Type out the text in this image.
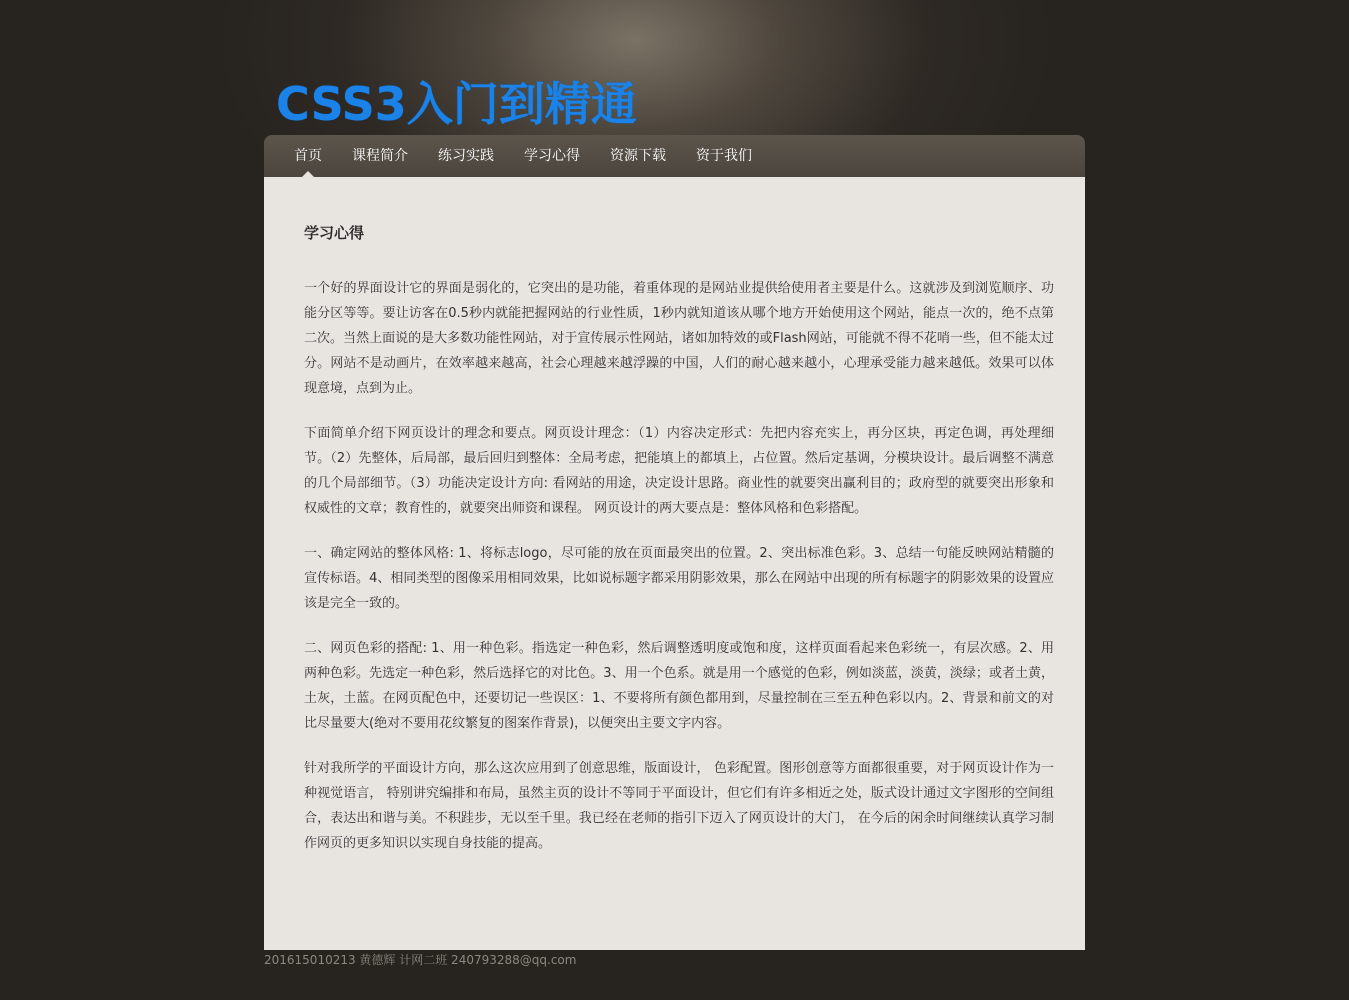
CSS3入门到精通
首页	课程简介	练习实践	学习心得	资源下载	资于我们
学习心得

一个好的界面设计它的界面是弱化的，它突出的是功能，着重体现的是网站业提供给使用者主要是什么。这就涉及到浏览顺序、功能分区等等。要让访客在0.5秒内就能把握网站的行业性质，1秒内就知道该从哪个地方开始使用这个网站，能点一次的，绝不点第二次。当然上面说的是大多数功能性网站，对于宣传展示性网站，诸如加特效的或Flash网站，可能就不得不花哨一些，但不能太过分。网站不是动画片，在效率越来越高，社会心理越来越浮躁的中国，人们的耐心越来越小，心理承受能力越来越低。效果可以体现意境，点到为止。

下面简单介绍下网页设计的理念和要点。网页设计理念：（1）内容决定形式：先把内容充实上，再分区块，再定色调，再处理细节。（2）先整体，后局部，最后回归到整体：全局考虑，把能填上的都填上，占位置。然后定基调，分模块设计。最后调整不满意的几个局部细节。（3）功能决定设计方向: 看网站的用途，决定设计思路。商业性的就要突出赢利目的；政府型的就要突出形象和权威性的文章；教育性的，就要突出师资和课程。 网页设计的两大要点是：整体风格和色彩搭配。

一、确定网站的整体风格: 1、将标志logo，尽可能的放在页面最突出的位置。2、突出标准色彩。3、总结一句能反映网站精髓的宣传标语。4、相同类型的图像采用相同效果，比如说标题字都采用阴影效果，那么在网站中出现的所有标题字的阴影效果的设置应该是完全一致的。

二、网页色彩的搭配: 1、用一种色彩。指选定一种色彩，然后调整透明度或饱和度，这样页面看起来色彩统一，有层次感。2、用两种色彩。先选定一种色彩，然后选择它的对比色。3、用一个色系。就是用一个感觉的色彩，例如淡蓝，淡黄，淡绿；或者土黄，土灰，土蓝。在网页配色中，还要切记一些误区：1、不要将所有颜色都用到，尽量控制在三至五种色彩以内。2、背景和前文的对比尽量要大(绝对不要用花纹繁复的图案作背景)，以便突出主要文字内容。

针对我所学的平面设计方向，那么这次应用到了创意思维，版面设计， 色彩配置。图形创意等方面都很重要，对于网页设计作为一种视觉语言， 特别讲究编排和布局，虽然主页的设计不等同于平面设计，但它们有许多相近之处，版式设计通过文字图形的空间组合，表达出和谐与美。不积跬步，无以至千里。我已经在老师的指引下迈入了网页设计的大门， 在今后的闲余时间继续认真学习制作网页的更多知识以实现自身技能的提高。

201615010213 黄德辉 计网二班 240793288@qq.com
